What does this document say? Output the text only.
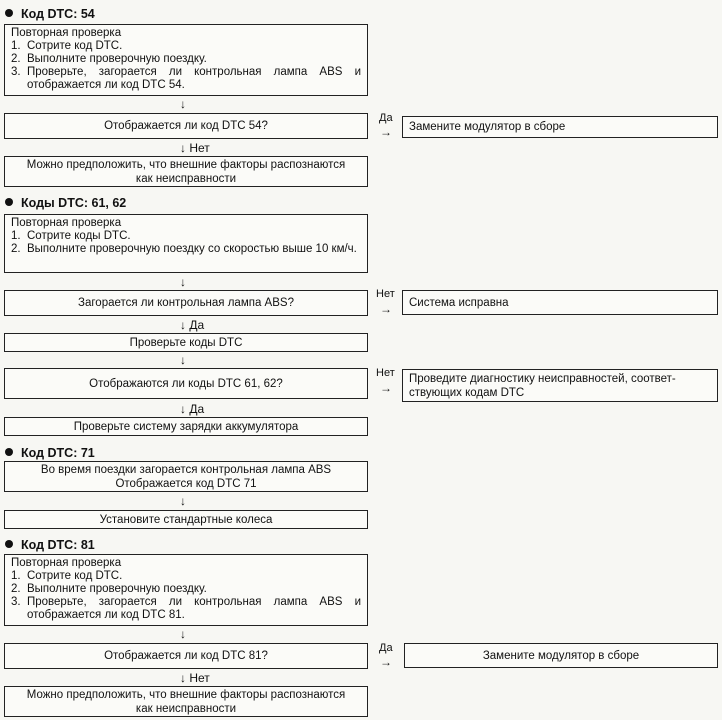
Код DTC: 54
Повторная проверка
1. Сотрите код DTC.
2. Выполните проверочную поездку.
3. Проверьте, загорается ли контрольная лампа ABS и отображается ли код DTC 54.
↓
Отображается ли код DTC 54?
Да
→ Замените модулятор в сборе
↓ Нет
Можно предположить, что внешние факторы распознаются
как неисправности
Коды DTC: 61, 62
Повторная проверка
1. Сотрите коды DTC.
2. Выполните проверочную поездку со скоростью выше 10 км/ч.
↓
Загорается ли контрольная лампа ABS?
Нет
→ Система исправна
↓ Да
Проверьте коды DTC
↓
Отображаются ли коды DTC 61, 62?
Нет
→
Проведите диагностику неисправностей, соответ-
ствующих кодам DTC
↓ Да
Проверьте систему зарядки аккумулятора
Код DTC: 71
Во время поездки загорается контрольная лампа ABS
Отображается код DTC 71
↓
Установите стандартные колеса
Код DTC: 81
Повторная проверка
1. Сотрите код DTC.
2. Выполните проверочную поездку.
3. Проверьте, загорается ли контрольная лампа ABS и отображается ли код DTC 81.
↓
Отображается ли код DTC 81?
Да
→	Замените модулятор в сборе
↓ Нет
Можно предположить, что внешние факторы распознаются
как неисправности
